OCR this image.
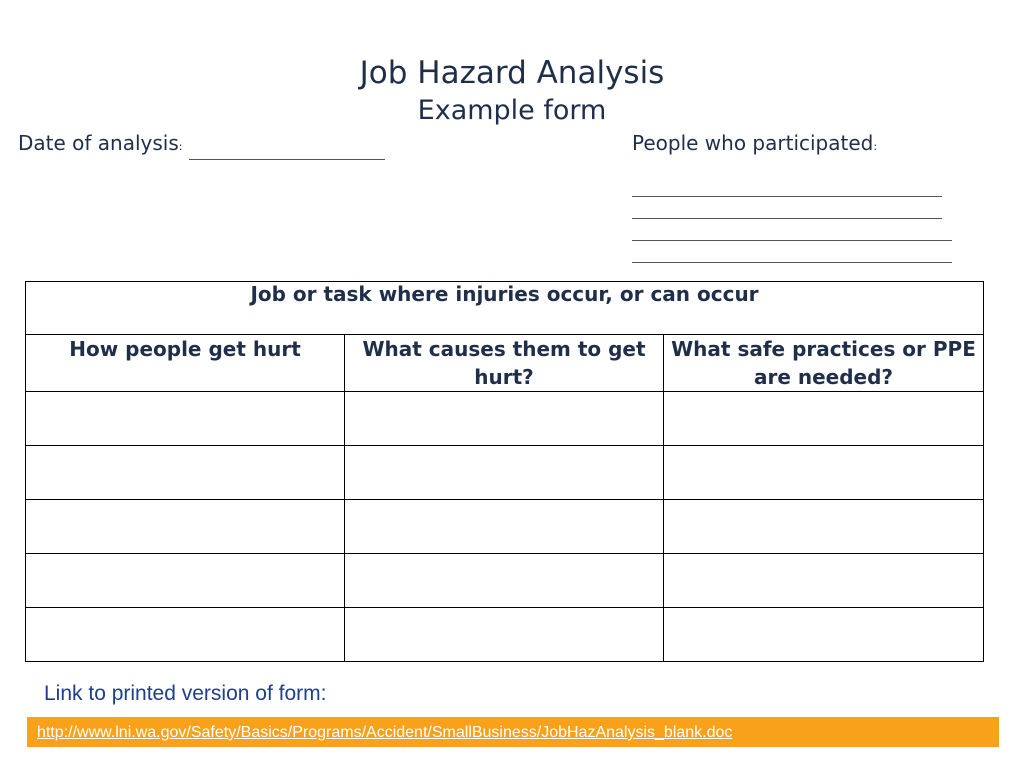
Job Hazard Analysis
Example form
Date of analysis:	People who participated:
Job or task where injuries occur, or can occur		
How people get hurt	What causes them to get hurt?	What safe practices or PPE are needed?

Link to printed version of form:
http://www.lni.wa.gov/Safety/Basics/Programs/Accident/SmallBusiness/JobHazAnalysis_blank.doc
